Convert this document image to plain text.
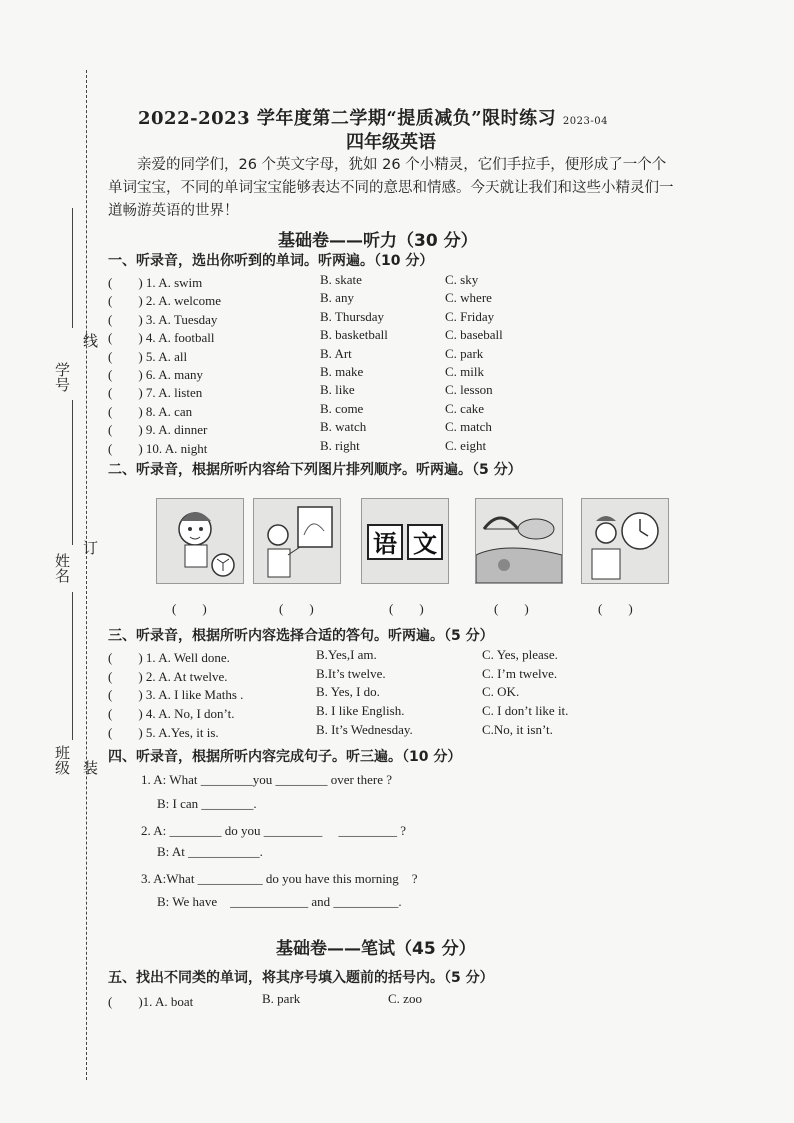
学号
线
姓名
订
班级 装
2022-2023 学年度第二学期“提质减负”限时练习 2023-04
四年级英语
亲爱的同学们，26 个英文字母，犹如 26 个小精灵，它们手拉手，便形成了一个个单词宝宝，不同的单词宝宝能够表达不同的意思和情感。今天就让我们和这些小精灵们一道畅游英语的世界！
基础卷——听力（30 分）
一、听录音，选出你听到的单词。听两遍。（10 分）
(　　) 1. A. swim	B. skate	C. sky
(　　) 2. A. welcome	B. any	C. where
(　　) 3. A. Tuesday	B. Thursday	C. Friday
(　　) 4. A. football	B. basketball	C. baseball
(　　) 5. A. all	B. Art	C. park
(　　) 6. A. many	B. make	C. milk
(　　) 7. A. listen	B. like	C. lesson
(　　) 8. A. can	B. come	C. cake
(　　) 9. A. dinner	B. watch	C. match
(　　) 10. A. night	B. right	C. eight
二、听录音，根据所听内容给下列图片排列顺序。听两遍。（5 分）
语 文
(　　)	(　　)	(　　)	(　　)	(　　)
三、听录音，根据所听内容选择合适的答句。听两遍。（5 分）
(　　) 1. A. Well done.	B.Yes,I am.	C. Yes, please.
(　　) 2. A. At twelve.	B.It’s twelve.	C. I’m twelve.
(　　) 3. A. I like Maths .	B. Yes, I do.	C. OK.
(　　) 4. A. No, I don’t.	B. I like English.	C. I don’t like it.
(　　) 5. A.Yes, it is.	B. It’s Wednesday.	C.No, it isn’t.
四、听录音，根据所听内容完成句子。听三遍。（10 分）
1. A: What ________you ________ over there ?
B: I can ________.
2. A: ________ do you _________　 _________ ?
B: At ___________.
3. A:What __________ do you have this morning　?
B: We have　____________ and __________.
基础卷——笔试（45 分）
五、找出不同类的单词，将其序号填入题前的括号内。（5 分）
(　　)1. A. boat	B. park	C. zoo
